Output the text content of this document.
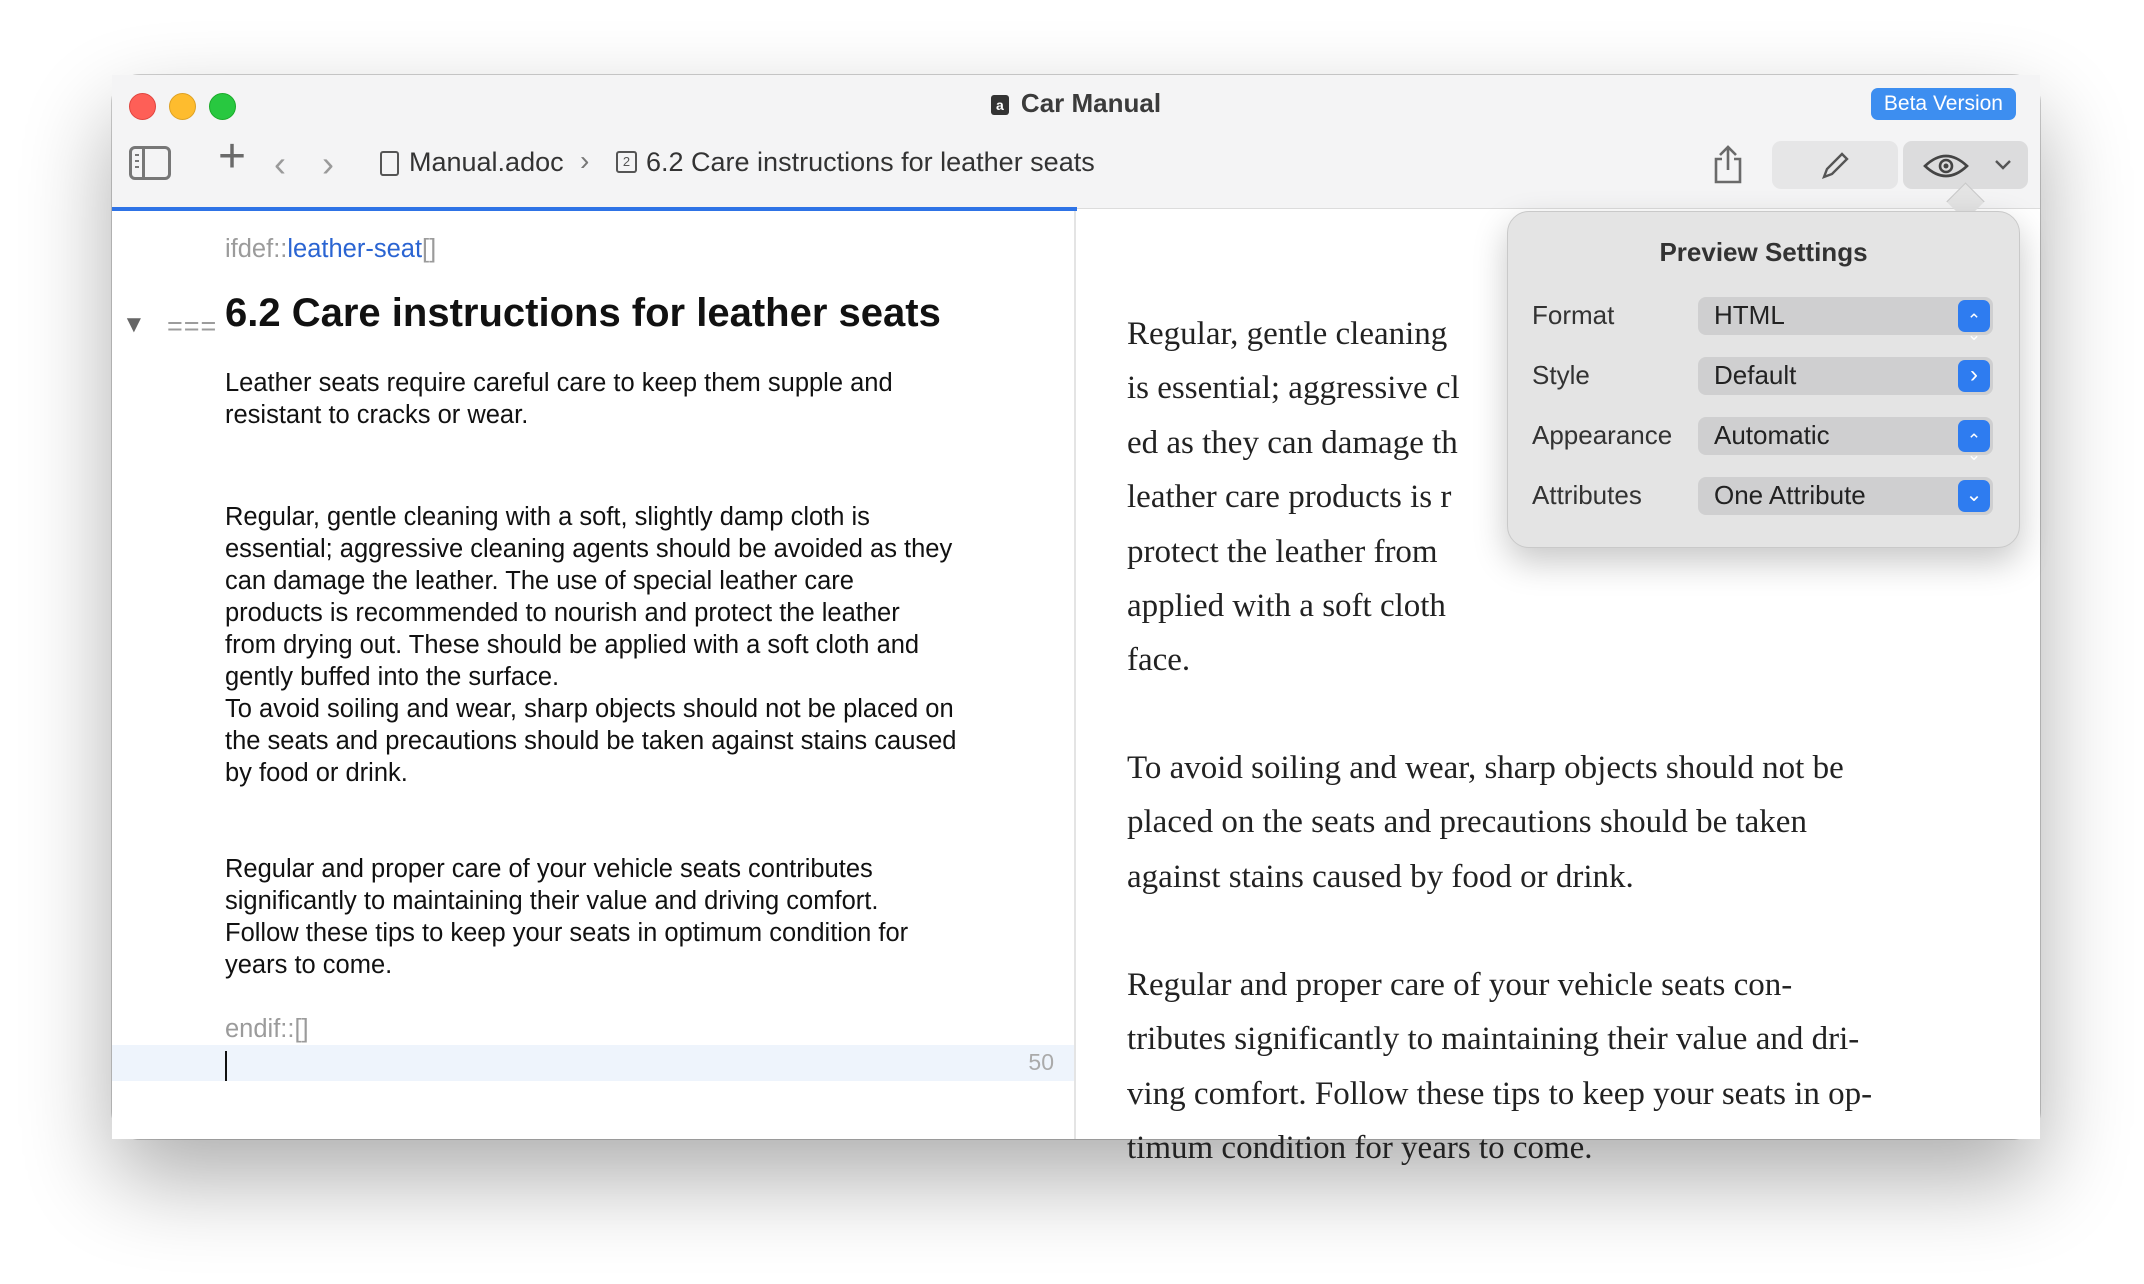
a Car Manual	Beta Version
+ ‹ ›	Manual.adoc ›	2 6.2 Care instructions for leather seats
ifdef::leather-seat[]
▼ === 6.2 Care instructions for leather seats
Leather seats require careful care to keep them supple and
resistant to cracks or wear.
Regular, gentle cleaning with a soft, slightly damp cloth is
essential; aggressive cleaning agents should be avoided as they
can damage the leather. The use of special leather care
products is recommended to nourish and protect the leather
from drying out. These should be applied with a soft cloth and
gently buffed into the surface.
To avoid soiling and wear, sharp objects should not be placed on
the seats and precautions should be taken against stains caused
by food or drink.
Regular and proper care of your vehicle seats contributes
significantly to maintaining their value and driving comfort.
Follow these tips to keep your seats in optimum condition for
years to come.
endif::[]
50
Regular, gentle cleaning
is essential; aggressive cl
ed as they can damage th
leather care products is r
protect the leather from
applied with a soft cloth
face.
To avoid soiling and wear, sharp objects should not be
placed on the seats and precautions should be taken
against stains caused by food or drink.
Regular and proper care of your vehicle seats con-
tributes significantly to maintaining their value and dri-
ving comfort. Follow these tips to keep your seats in op-
timum condition for years to come.
Preview Settings
Format	HTML	⌃
⌄
Style	Default	›
Appearance	Automatic	⌃
⌄
Attributes	One Attribute	⌄
